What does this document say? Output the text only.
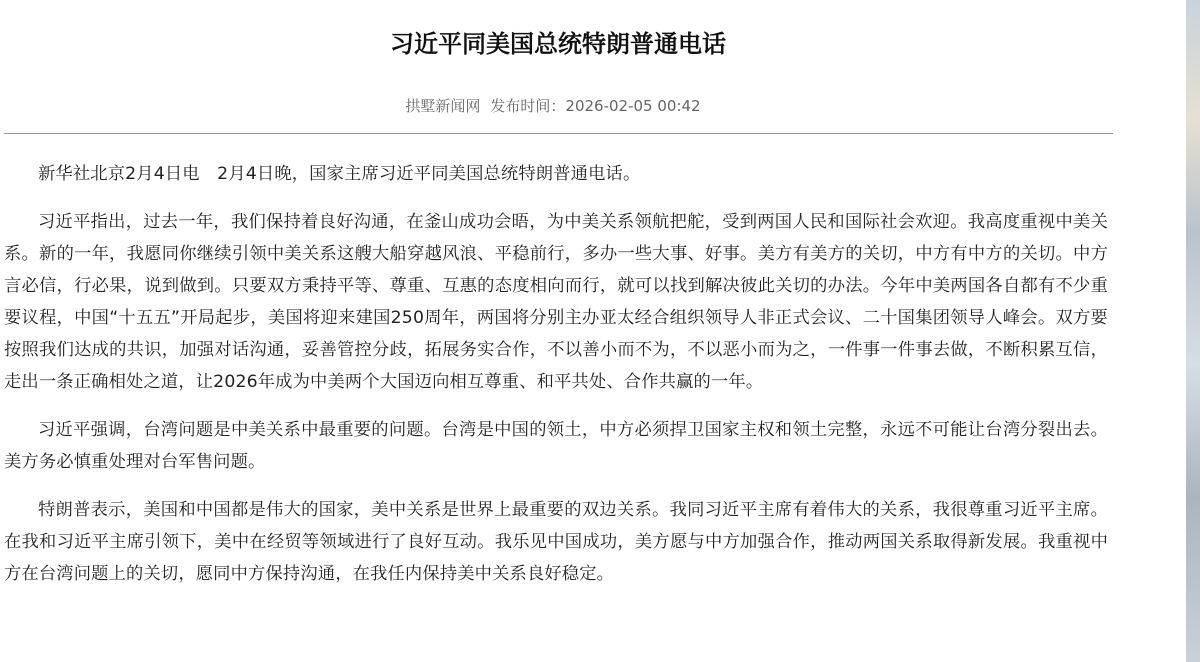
习近平同美国总统特朗普通电话
拱墅新闻网 发布时间：2026-02-05 00:42

新华社北京2月4日电　2月4日晚，国家主席习近平同美国总统特朗普通电话。

习近平指出，过去一年，我们保持着良好沟通，在釜山成功会晤，为中美关系领航把舵，受到两国人民和国际社会欢迎。我高度重视中美关系。新的一年，我愿同你继续引领中美关系这艘大船穿越风浪、平稳前行，多办一些大事、好事。美方有美方的关切，中方有中方的关切。中方言必信，行必果，说到做到。只要双方秉持平等、尊重、互惠的态度相向而行，就可以找到解决彼此关切的办法。今年中美两国各自都有不少重要议程，中国“十五五”开局起步，美国将迎来建国250周年，两国将分别主办亚太经合组织领导人非正式会议、二十国集团领导人峰会。双方要按照我们达成的共识，加强对话沟通，妥善管控分歧，拓展务实合作，不以善小而不为，不以恶小而为之，一件事一件事去做，不断积累互信，走出一条正确相处之道，让2026年成为中美两个大国迈向相互尊重、和平共处、合作共赢的一年。

习近平强调，台湾问题是中美关系中最重要的问题。台湾是中国的领土，中方必须捍卫国家主权和领土完整，永远不可能让台湾分裂出去。美方务必慎重处理对台军售问题。

特朗普表示，美国和中国都是伟大的国家，美中关系是世界上最重要的双边关系。我同习近平主席有着伟大的关系，我很尊重习近平主席。在我和习近平主席引领下，美中在经贸等领域进行了良好互动。我乐见中国成功，美方愿与中方加强合作，推动两国关系取得新发展。我重视中方在台湾问题上的关切，愿同中方保持沟通，在我任内保持美中关系良好稳定。
